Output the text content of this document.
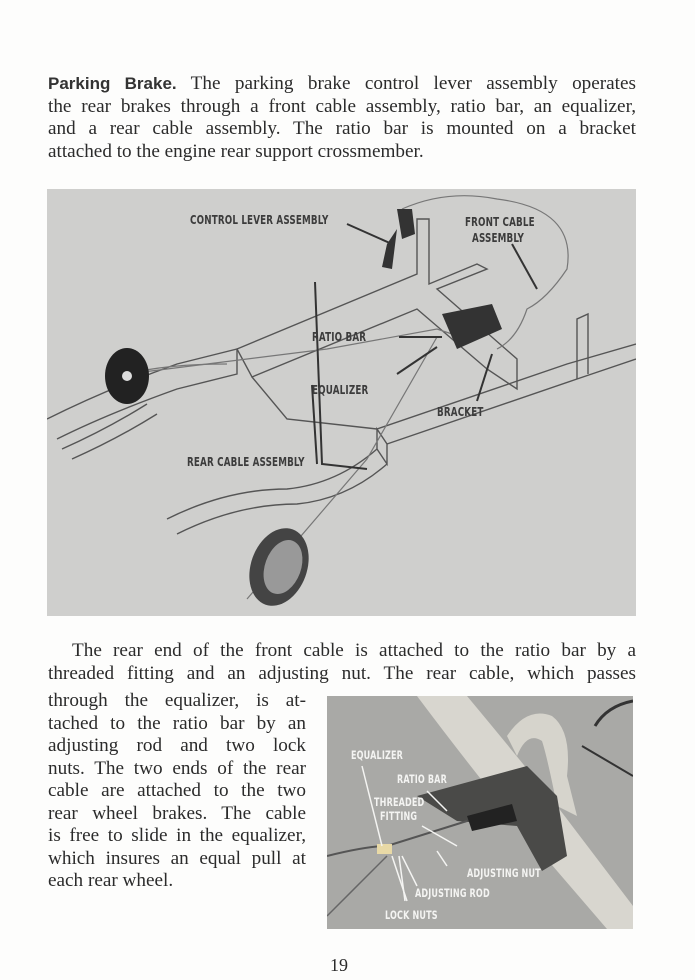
Parking Brake. The parking brake control lever assembly operates
the rear brakes through a front cable assembly, ratio bar, an equalizer,
and a rear cable assembly. The ratio bar is mounted on a bracket
attached to the engine rear support crossmember.
CONTROL LEVER ASSEMBLY	FRONT CABLE
ASSEMBLY
RATIO BAR
EQUALIZER
BRACKET
REAR CABLE ASSEMBLY
The rear end of the front cable is attached to the ratio bar by a
threaded fitting and an adjusting nut. The rear cable, which passes
through the equalizer, is at-
tached to the ratio bar by an
adjusting rod and two lock
nuts. The two ends of the rear
cable are attached to the two
rear wheel brakes. The cable
is free to slide in the equalizer,
which insures an equal pull at
each rear wheel.
EQUALIZER
RATIO BAR
THREADED
FITTING
ADJUSTING NUT
ADJUSTING ROD
LOCK NUTS
19
